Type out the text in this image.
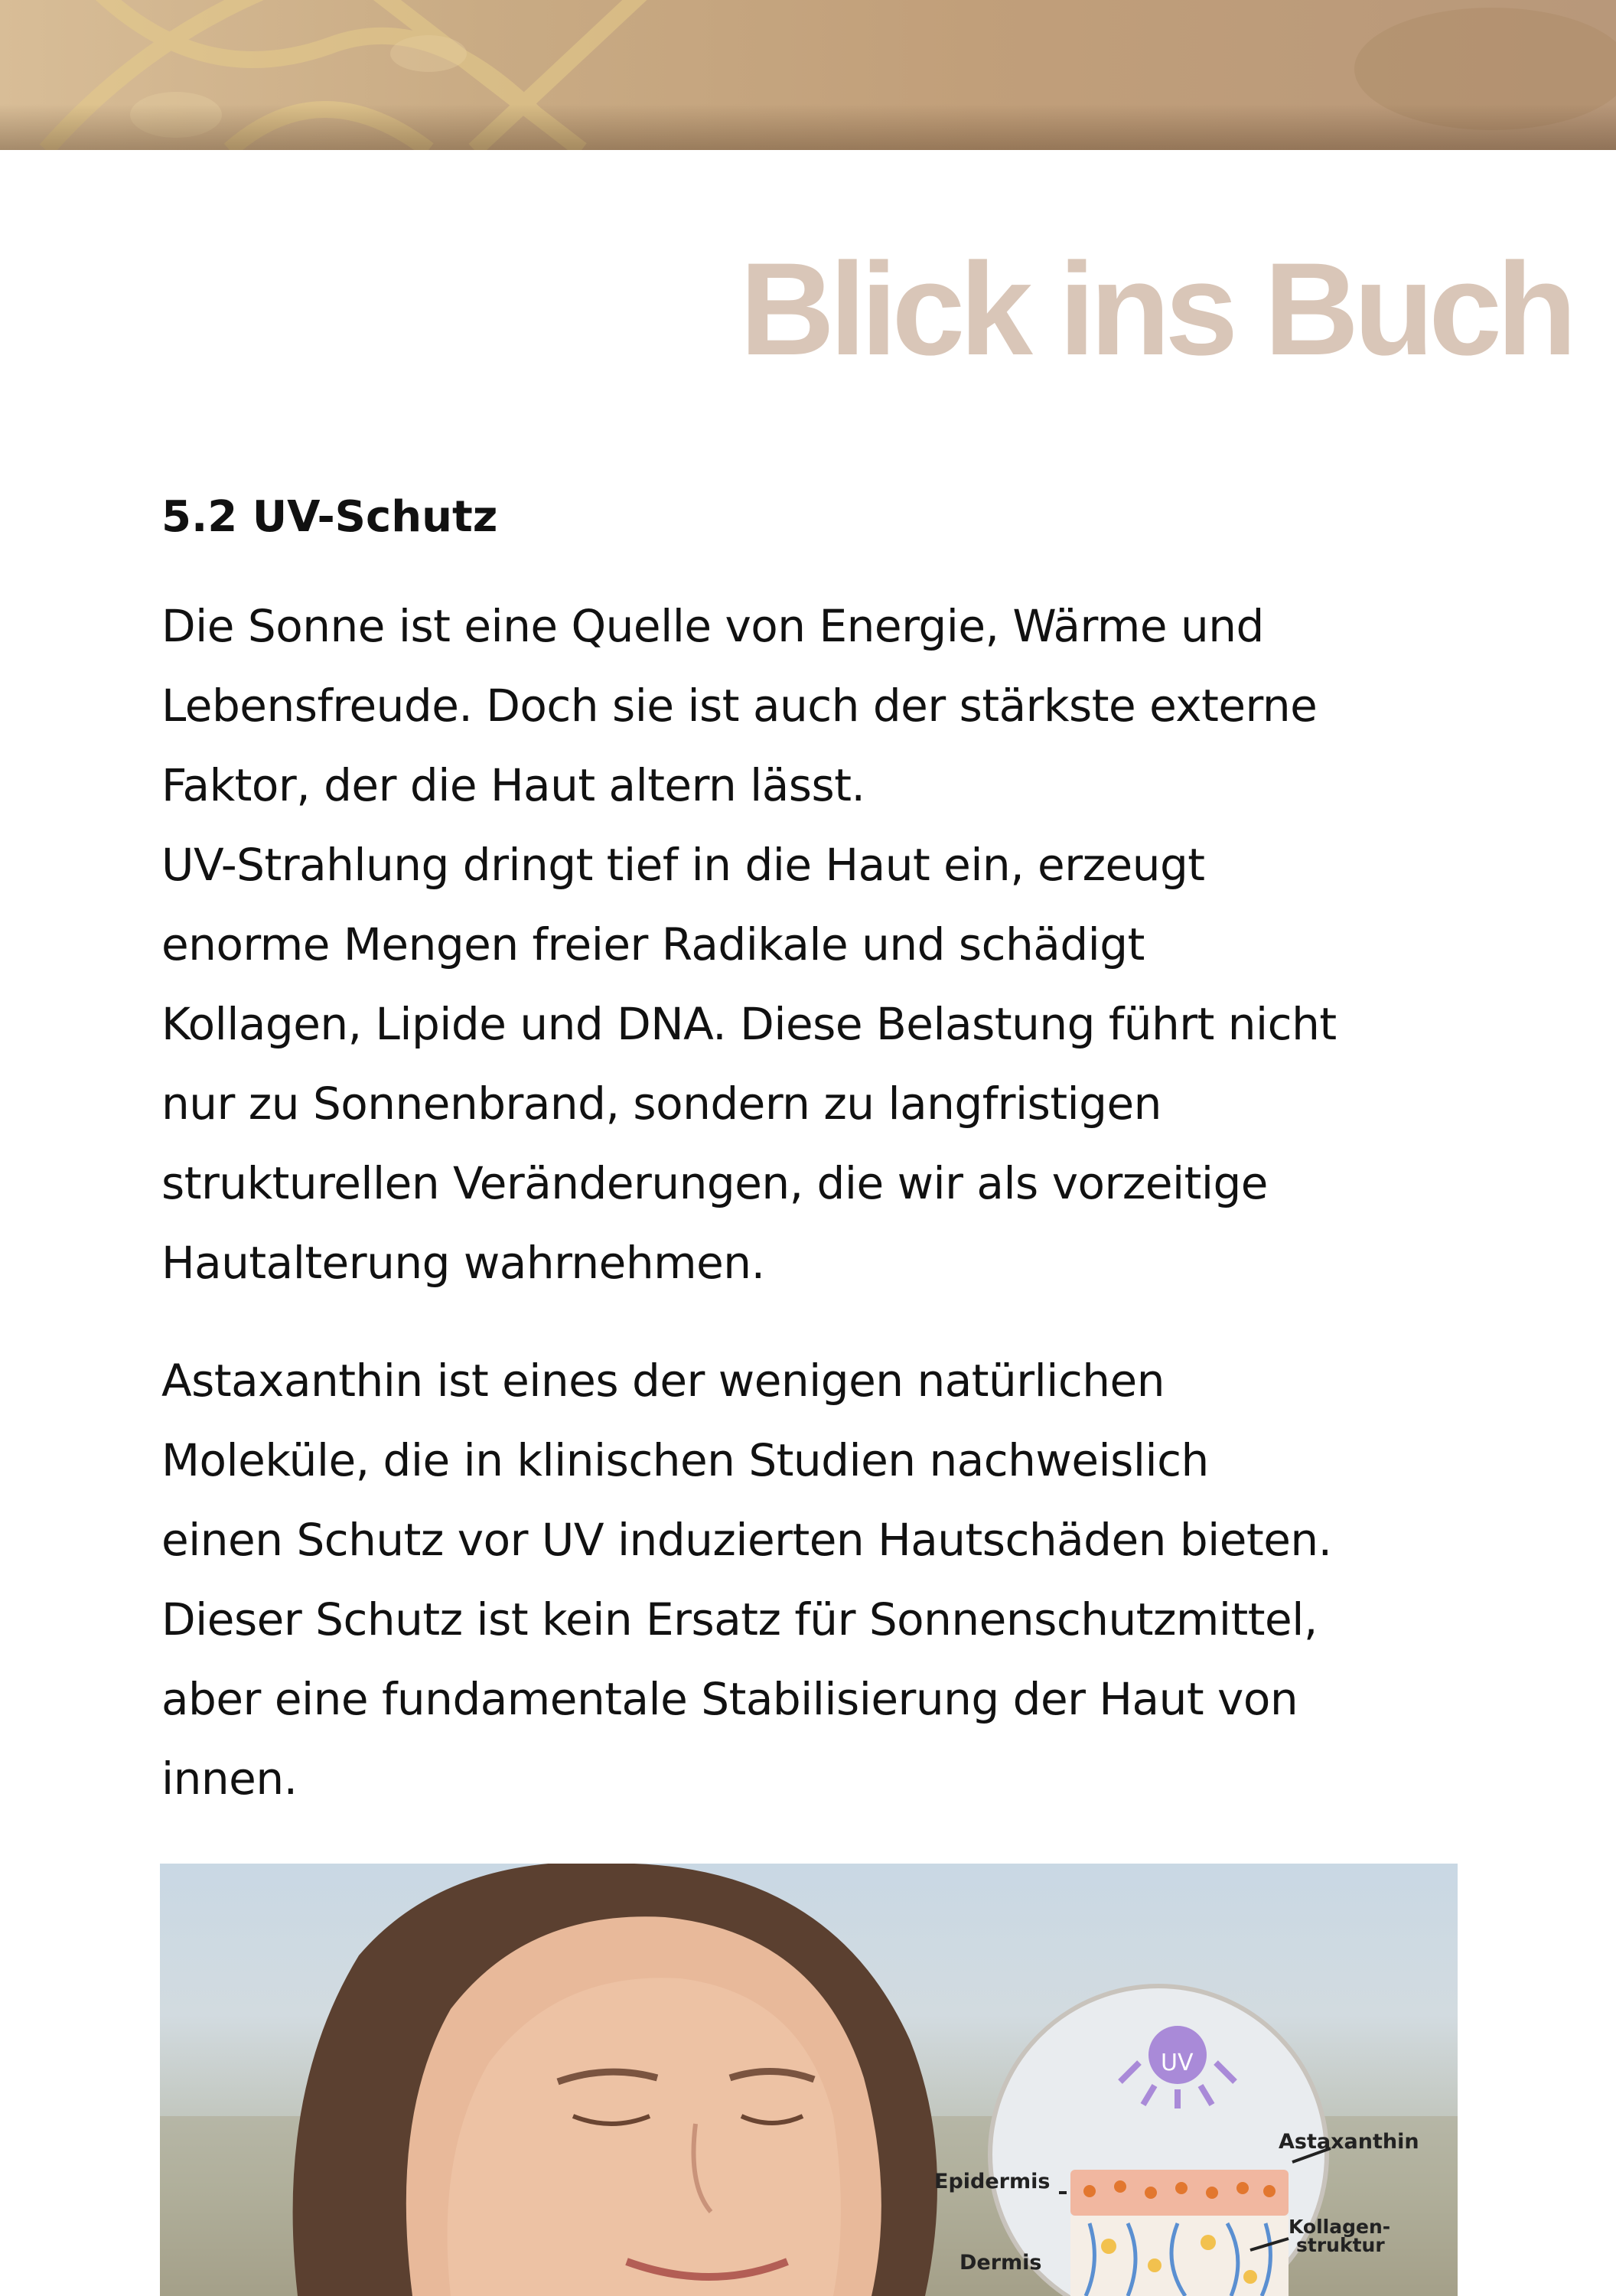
Blick ins Buch
5.2 UV-Schutz
Die Sonne ist eine Quelle von Energie, Wärme und
Lebensfreude. Doch sie ist auch der stärkste externe
Faktor, der die Haut altern lässt.
UV-Strahlung dringt tief in die Haut ein, erzeugt
enorme Mengen freier Radikale und schädigt
Kollagen, Lipide und DNA. Diese Belastung führt nicht
nur zu Sonnenbrand, sondern zu langfristigen
strukturellen Veränderungen, die wir als vorzeitige
Hautalterung wahrnehmen.
Astaxanthin ist eines der wenigen natürlichen
Moleküle, die in klinischen Studien nachweislich
einen Schutz vor UV induzierten Hautschäden bieten.
Dieser Schutz ist kein Ersatz für Sonnenschutzmittel,
aber eine fundamentale Stabilisierung der Haut von
innen.
UV
Astaxanthin
Epidermis
Dermis
Kollagen-
struktur
